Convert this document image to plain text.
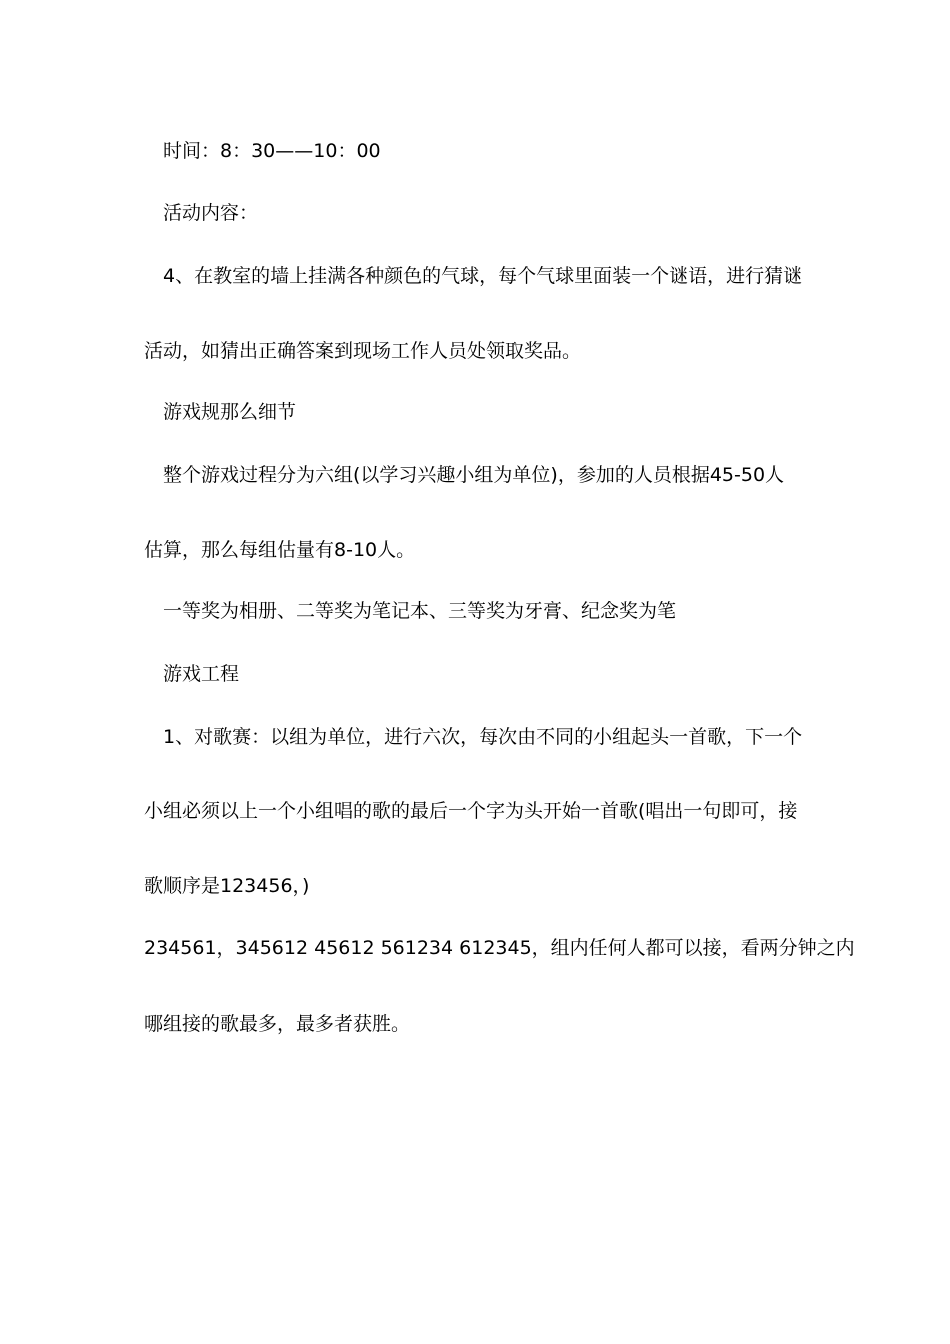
时间：8：30——10：00
活动内容：
4、在教室的墙上挂满各种颜色的气球，每个气球里面装一个谜语，进行猜谜
活动，如猜出正确答案到现场工作人员处领取奖品。
游戏规那么细节
整个游戏过程分为六组(以学习兴趣小组为单位)，参加的人员根据45-50人
估算，那么每组估量有8-10人。
一等奖为相册、二等奖为笔记本、三等奖为牙膏、纪念奖为笔
游戏工程
1、对歌赛：以组为单位，进行六次，每次由不同的小组起头一首歌，下一个
小组必须以上一个小组唱的歌的最后一个字为头开始一首歌(唱出一句即可，接
歌顺序是123456，)
234561，345612 45612 561234 612345，组内任何人都可以接，看两分钟之内
哪组接的歌最多，最多者获胜。
